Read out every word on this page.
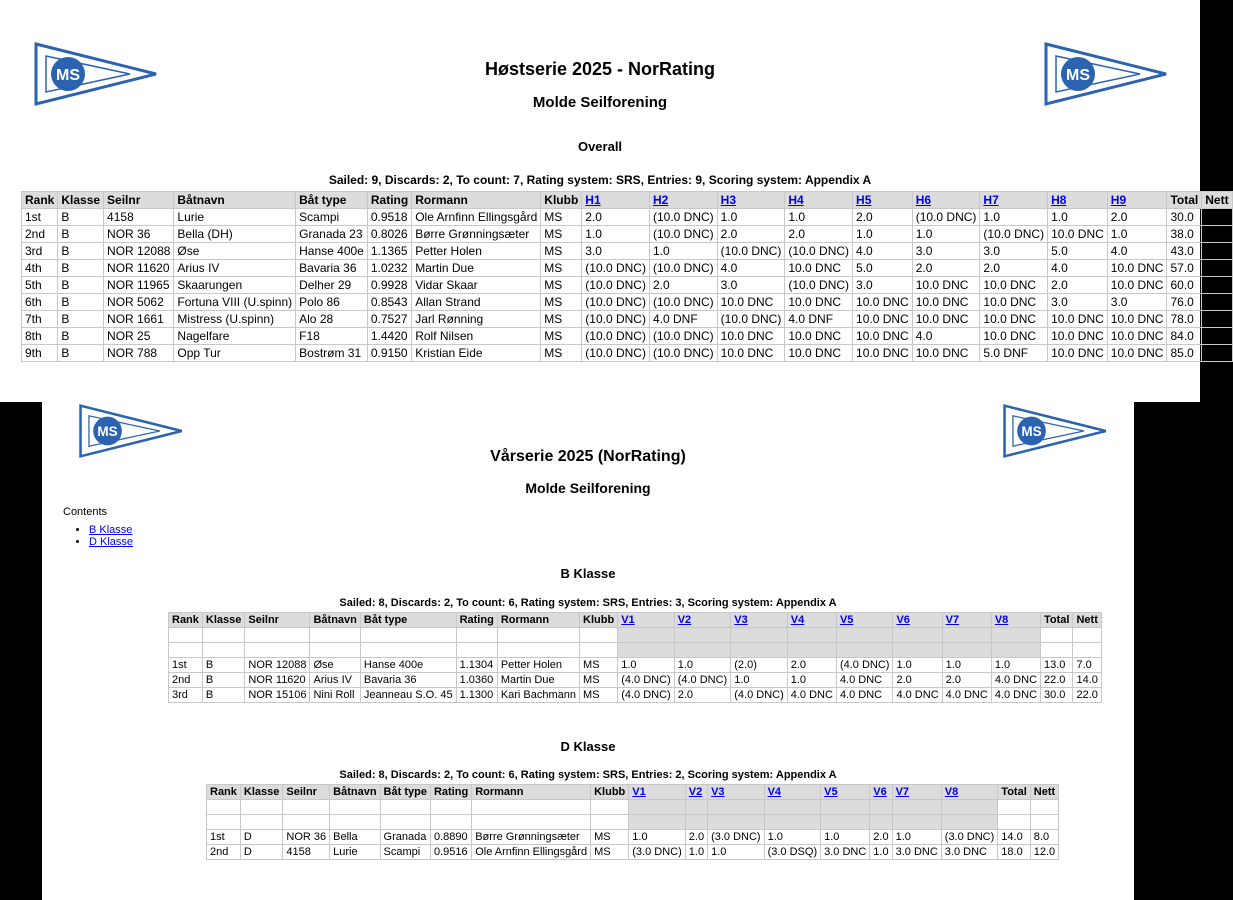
MS	MS
Høstserie 2025 - NorRating
Molde Seilforening
Overall
Sailed: 9, Discards: 2, To count: 7, Rating system: SRS, Entries: 9, Scoring system: Appendix A
Rank	Klasse	Seilnr	Båtnavn	Båt type	Rating	Rormann	Klubb	H1	H2	H3	H4	H5	H6	H7	H8	H9	Total	Nett
1st	B	4158	Lurie	Scampi	0.9518	Ole Arnfinn Ellingsgård	MS	2.0	(10.0 DNC)	1.0	1.0	2.0	(10.0 DNC)	1.0	1.0	2.0	30.0	10.0
2nd	B	NOR 36	Bella (DH)	Granada 23	0.8026	Børre Grønningsæter	MS	1.0	(10.0 DNC)	2.0	2.0	1.0	1.0	(10.0 DNC)	10.0 DNC	1.0	38.0	18.0
3rd	B	NOR 12088	Øse	Hanse 400e	1.1365	Petter Holen	MS	3.0	1.0	(10.0 DNC)	(10.0 DNC)	4.0	3.0	3.0	5.0	4.0	43.0	23.0
4th	B	NOR 11620	Arius IV	Bavaria 36	1.0232	Martin Due	MS	(10.0 DNC)	(10.0 DNC)	4.0	10.0 DNC	5.0	2.0	2.0	4.0	10.0 DNC	57.0	37.0
5th	B	NOR 11965	Skaarungen	Delher 29	0.9928	Vidar Skaar	MS	(10.0 DNC)	2.0	3.0	(10.0 DNC)	3.0	10.0 DNC	10.0 DNC	2.0	10.0 DNC	60.0	40.0
6th	B	NOR 5062	Fortuna VIII (U.spinn)	Polo 86	0.8543	Allan Strand	MS	(10.0 DNC)	(10.0 DNC)	10.0 DNC	10.0 DNC	10.0 DNC	10.0 DNC	10.0 DNC	3.0	3.0	76.0	56.0
7th	B	NOR 1661	Mistress (U.spinn)	Alo 28	0.7527	Jarl Rønning	MS	(10.0 DNC)	4.0 DNF	(10.0 DNC)	4.0 DNF	10.0 DNC	10.0 DNC	10.0 DNC	10.0 DNC	10.0 DNC	78.0	58.0
8th	B	NOR 25	Nagelfare	F18	1.4420	Rolf Nilsen	MS	(10.0 DNC)	(10.0 DNC)	10.0 DNC	10.0 DNC	10.0 DNC	4.0	10.0 DNC	10.0 DNC	10.0 DNC	84.0	64.0
9th	B	NOR 788	Opp Tur	Bostrøm 31	0.9150	Kristian Eide	MS	(10.0 DNC)	(10.0 DNC)	10.0 DNC	10.0 DNC	10.0 DNC	10.0 DNC	5.0 DNF	10.0 DNC	10.0 DNC	85.0	65.0
MS	MS
Vårserie 2025 (NorRating)
Molde Seilforening
Contents
• B Klasse
• D Klasse
B Klasse
Sailed: 8, Discards: 2, To count: 6, Rating system: SRS, Entries: 3, Scoring system: Appendix A
Rank	Klasse	Seilnr	Båtnavn	Båt type	Rating	Rormann	Klubb	V1	V2	V3	V4	V5	V6	V7	V8	Total	Nett

1st	B	NOR 12088	Øse	Hanse 400e	1.1304	Petter Holen	MS	1.0	1.0	(2.0)	2.0	(4.0 DNC)	1.0	1.0	1.0	13.0	7.0
2nd	B	NOR 11620	Arius IV	Bavaria 36	1.0360	Martin Due	MS	(4.0 DNC)	(4.0 DNC)	1.0	1.0	4.0 DNC	2.0	2.0	4.0 DNC	22.0	14.0
3rd	B	NOR 15106	Nini Roll	Jeanneau S.O. 45	1.1300	Kari Bachmann	MS	(4.0 DNC)	2.0	(4.0 DNC)	4.0 DNC	4.0 DNC	4.0 DNC	4.0 DNC	4.0 DNC	30.0	22.0
D Klasse
Sailed: 8, Discards: 2, To count: 6, Rating system: SRS, Entries: 2, Scoring system: Appendix A
Rank	Klasse	Seilnr	Båtnavn	Båt type	Rating	Rormann	Klubb	V1	V2	V3	V4	V5	V6	V7	V8	Total	Nett

1st	D	NOR 36	Bella	Granada	0.8890	Børre Grønningsæter	MS	1.0	2.0	(3.0 DNC)	1.0	1.0	2.0	1.0	(3.0 DNC)	14.0	8.0
2nd	D	4158	Lurie	Scampi	0.9516	Ole Arnfinn Ellingsgård	MS	(3.0 DNC)	1.0	1.0	(3.0 DSQ)	3.0 DNC	1.0	3.0 DNC	3.0 DNC	18.0	12.0
